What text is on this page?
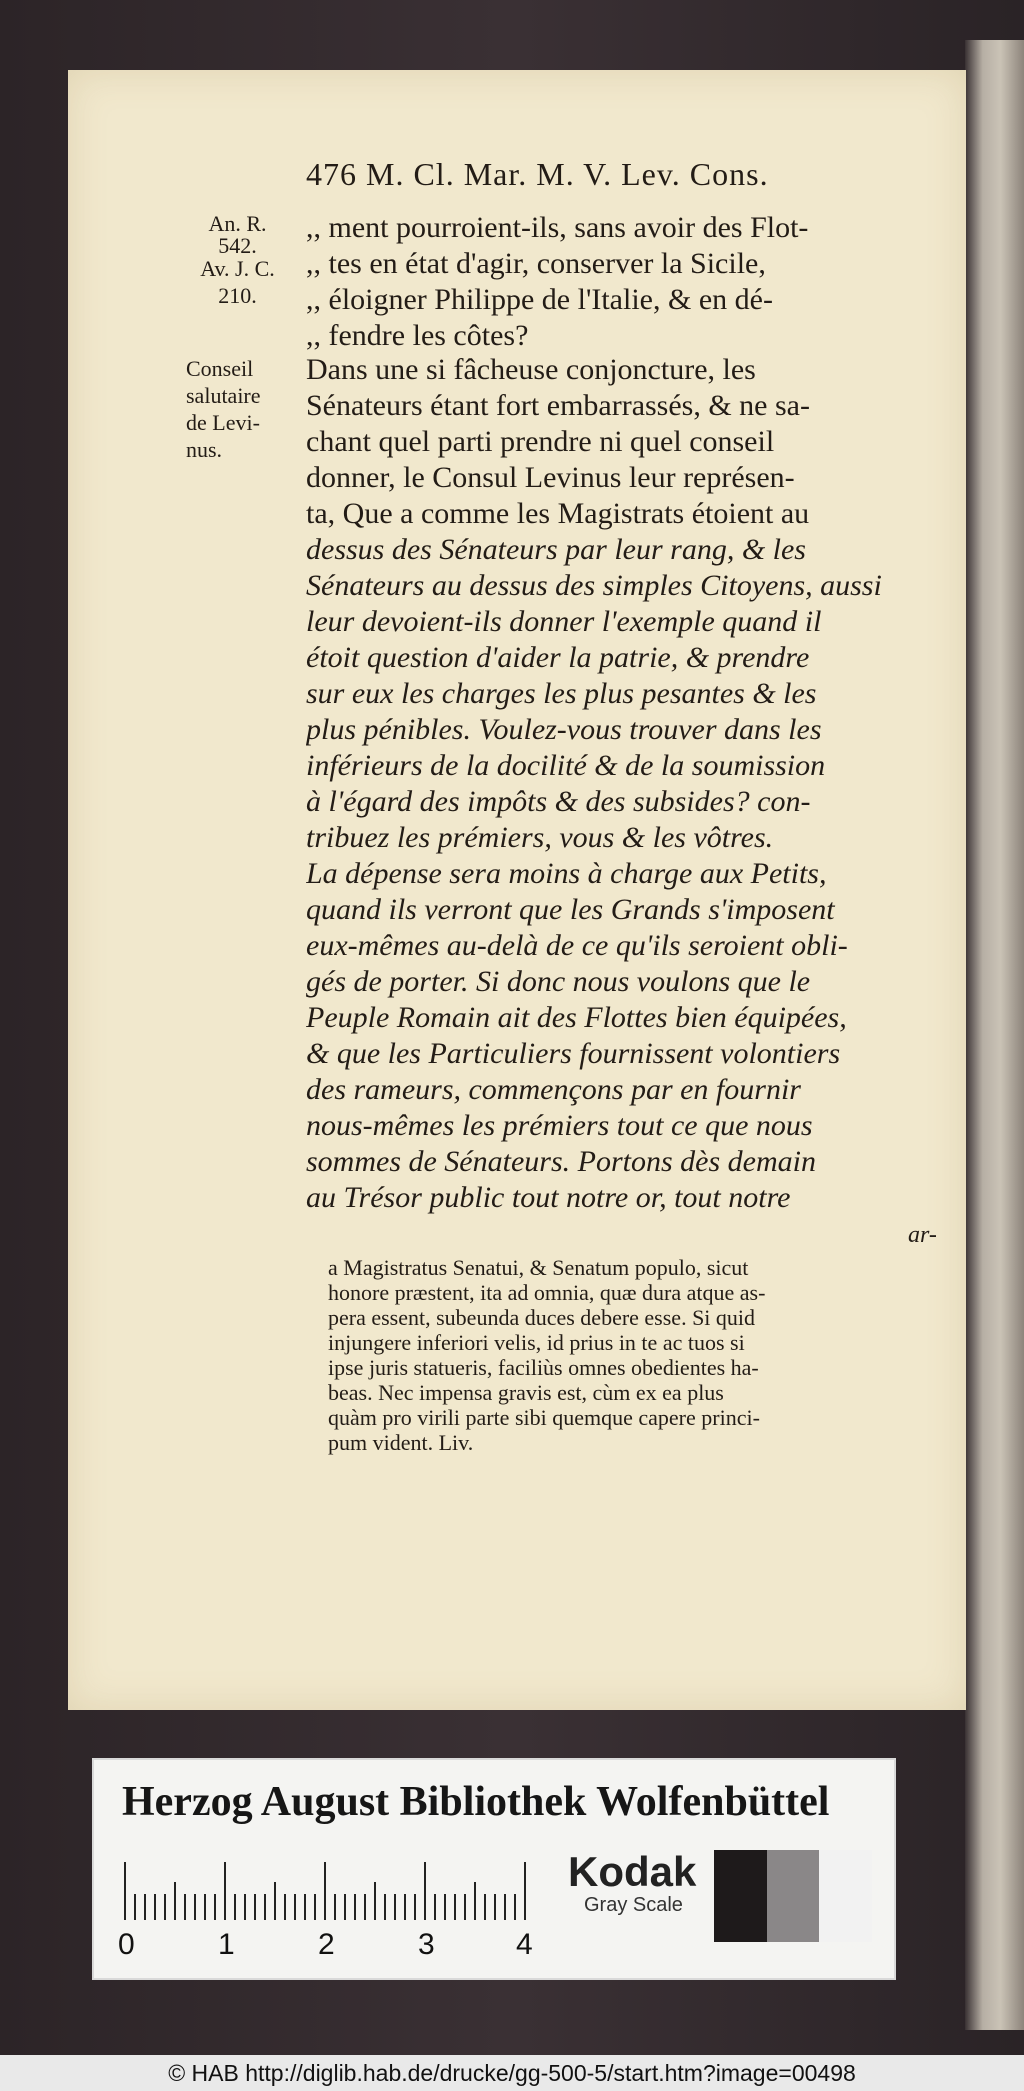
476 M. Cl. Mar. M. V. Lev. Cons.
An. R.
542.
Av. J. C.
210.
Conseil
salutaire
de Levi-
nus.
,, ment pourroient-ils, sans avoir des Flot-
,, tes en état d'agir, conserver la Sicile,
,, éloigner Philippe de l'Italie, & en dé-
,, fendre les côtes?
Dans une si fâcheuse conjoncture, les
Sénateurs étant fort embarrassés, & ne sa-
chant quel parti prendre ni quel conseil
donner, le Consul Levinus leur représen-
ta, Que a comme les Magistrats étoient au
dessus des Sénateurs par leur rang, & les
Sénateurs au dessus des simples Citoyens, aussi
leur devoient-ils donner l'exemple quand il
étoit question d'aider la patrie, & prendre
sur eux les charges les plus pesantes & les
plus pénibles. Voulez-vous trouver dans les
inférieurs de la docilité & de la soumission
à l'égard des impôts & des subsides? con-
tribuez les prémiers, vous & les vôtres.
La dépense sera moins à charge aux Petits,
quand ils verront que les Grands s'imposent
eux-mêmes au-delà de ce qu'ils seroient obli-
gés de porter. Si donc nous voulons que le
Peuple Romain ait des Flottes bien équipées,
& que les Particuliers fournissent volontiers
des rameurs, commençons par en fournir
nous-mêmes les prémiers tout ce que nous
sommes de Sénateurs. Portons dès demain
au Trésor public tout notre or, tout notre
ar-
a Magistratus Senatui, & Senatum populo, sicut
honore præstent, ita ad omnia, quæ dura atque as-
pera essent, subeunda duces debere esse. Si quid
injungere inferiori velis, id prius in te ac tuos si
ipse juris statueris, faciliùs omnes obedientes ha-
beas. Nec impensa gravis est, cùm ex ea plus
quàm pro virili parte sibi quemque capere princi-
pum vident. Liv.
Herzog August Bibliothek Wolfenbüttel
0	1	2	3	4
Kodak
Gray Scale
© HAB http://diglib.hab.de/drucke/gg-500-5/start.htm?image=00498
